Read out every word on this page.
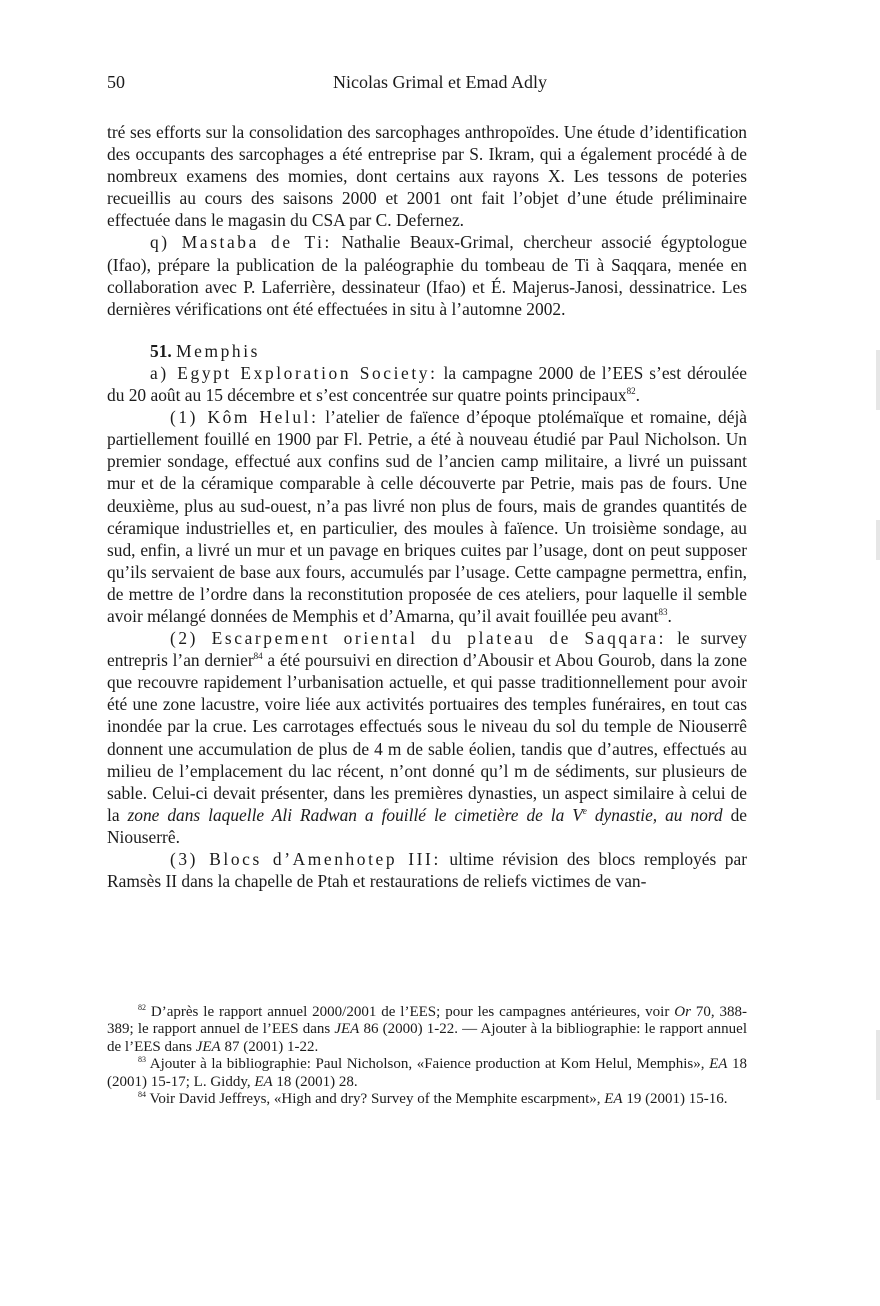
50	Nicolas Grimal et Emad Adly

tré ses efforts sur la consolidation des sarcophages anthropoïdes. Une étude d’identification des occupants des sarcophages a été entreprise par S. Ikram, qui a également procédé à de nombreux examens des momies, dont certains aux rayons X. Les tessons de poteries recueillis au cours des saisons 2000 et 2001 ont fait l’objet d’une étude préliminaire effectuée dans le magasin du CSA par C. Defernez.

q) Mastaba de Ti: Nathalie Beaux-Grimal, chercheur associé égyptologue (Ifao), prépare la publication de la paléographie du tombeau de Ti à Saqqara, menée en collaboration avec P. Laferrière, dessinateur (Ifao) et É. Majerus-Janosi, dessinatrice. Les dernières vérifications ont été effectuées in situ à l’automne 2002.

51. Memphis

a) Egypt Exploration Society: la campagne 2000 de l’EES s’est déroulée du 20 août au 15 décembre et s’est concentrée sur quatre points principaux$^{82}$.

(1) Kôm Helul: l’atelier de faïence d’époque ptolémaïque et romaine, déjà partiellement fouillé en 1900 par Fl. Petrie, a été à nouveau étudié par Paul Nicholson. Un premier sondage, effectué aux confins sud de l’ancien camp militaire, a livré un puissant mur et de la céramique comparable à celle découverte par Petrie, mais pas de fours. Une deuxième, plus au sud-ouest, n’a pas livré non plus de fours, mais de grandes quantités de céramique industrielles et, en particulier, des moules à faïence. Un troisième sondage, au sud, enfin, a livré un mur et un pavage en briques cuites par l’usage, dont on peut supposer qu’ils servaient de base aux fours, accumulés par l’usage. Cette campagne permettra, enfin, de mettre de l’ordre dans la reconstitution proposée de ces ateliers, pour laquelle il semble avoir mélangé données de Memphis et d’Amarna, qu’il avait fouillée peu avant$^{83}$.

(2) Escarpement oriental du plateau de Saqqara: le survey entrepris l’an dernier$^{84}$ a été poursuivi en direction d’Abousir et Abou Gourob, dans la zone que recouvre rapidement l’urbanisation actuelle, et qui passe traditionnellement pour avoir été une zone lacustre, voire liée aux activités portuaires des temples funéraires, en tout cas inondée par la crue. Les carrotages effectués sous le niveau du sol du temple de Niouserrê donnent une accumulation de plus de 4 m de sable éolien, tandis que d’autres, effectués au milieu de l’emplacement du lac récent, n’ont donné qu’l m de sédiments, sur plusieurs de sable. Celui-ci devait présenter, dans les premières dynasties, un aspect similaire à celui de la zone dans laquelle Ali Radwan a fouillé le cimetière de la Ve dynastie, au nord de Niouserrê.

(3) Blocs d’Amenhotep III: ultime révision des blocs remployés par Ramsès II dans la chapelle de Ptah et restaurations de reliefs victimes de van-

$^{82}$ D’après le rapport annuel 2000/2001 de l’EES; pour les campagnes antérieures, voir Or 70, 388-389; le rapport annuel de l’EES dans JEA 86 (2000) 1-22. — Ajouter à la bibliographie: le rapport annuel de l’EES dans JEA 87 (2001) 1-22.

$^{83}$ Ajouter à la bibliographie: Paul Nicholson, «Faience production at Kom Helul, Memphis», EA 18 (2001) 15-17; L. Giddy, EA 18 (2001) 28.

$^{84}$ Voir David Jeffreys, «High and dry? Survey of the Memphite escarpment», EA 19 (2001) 15-16.
